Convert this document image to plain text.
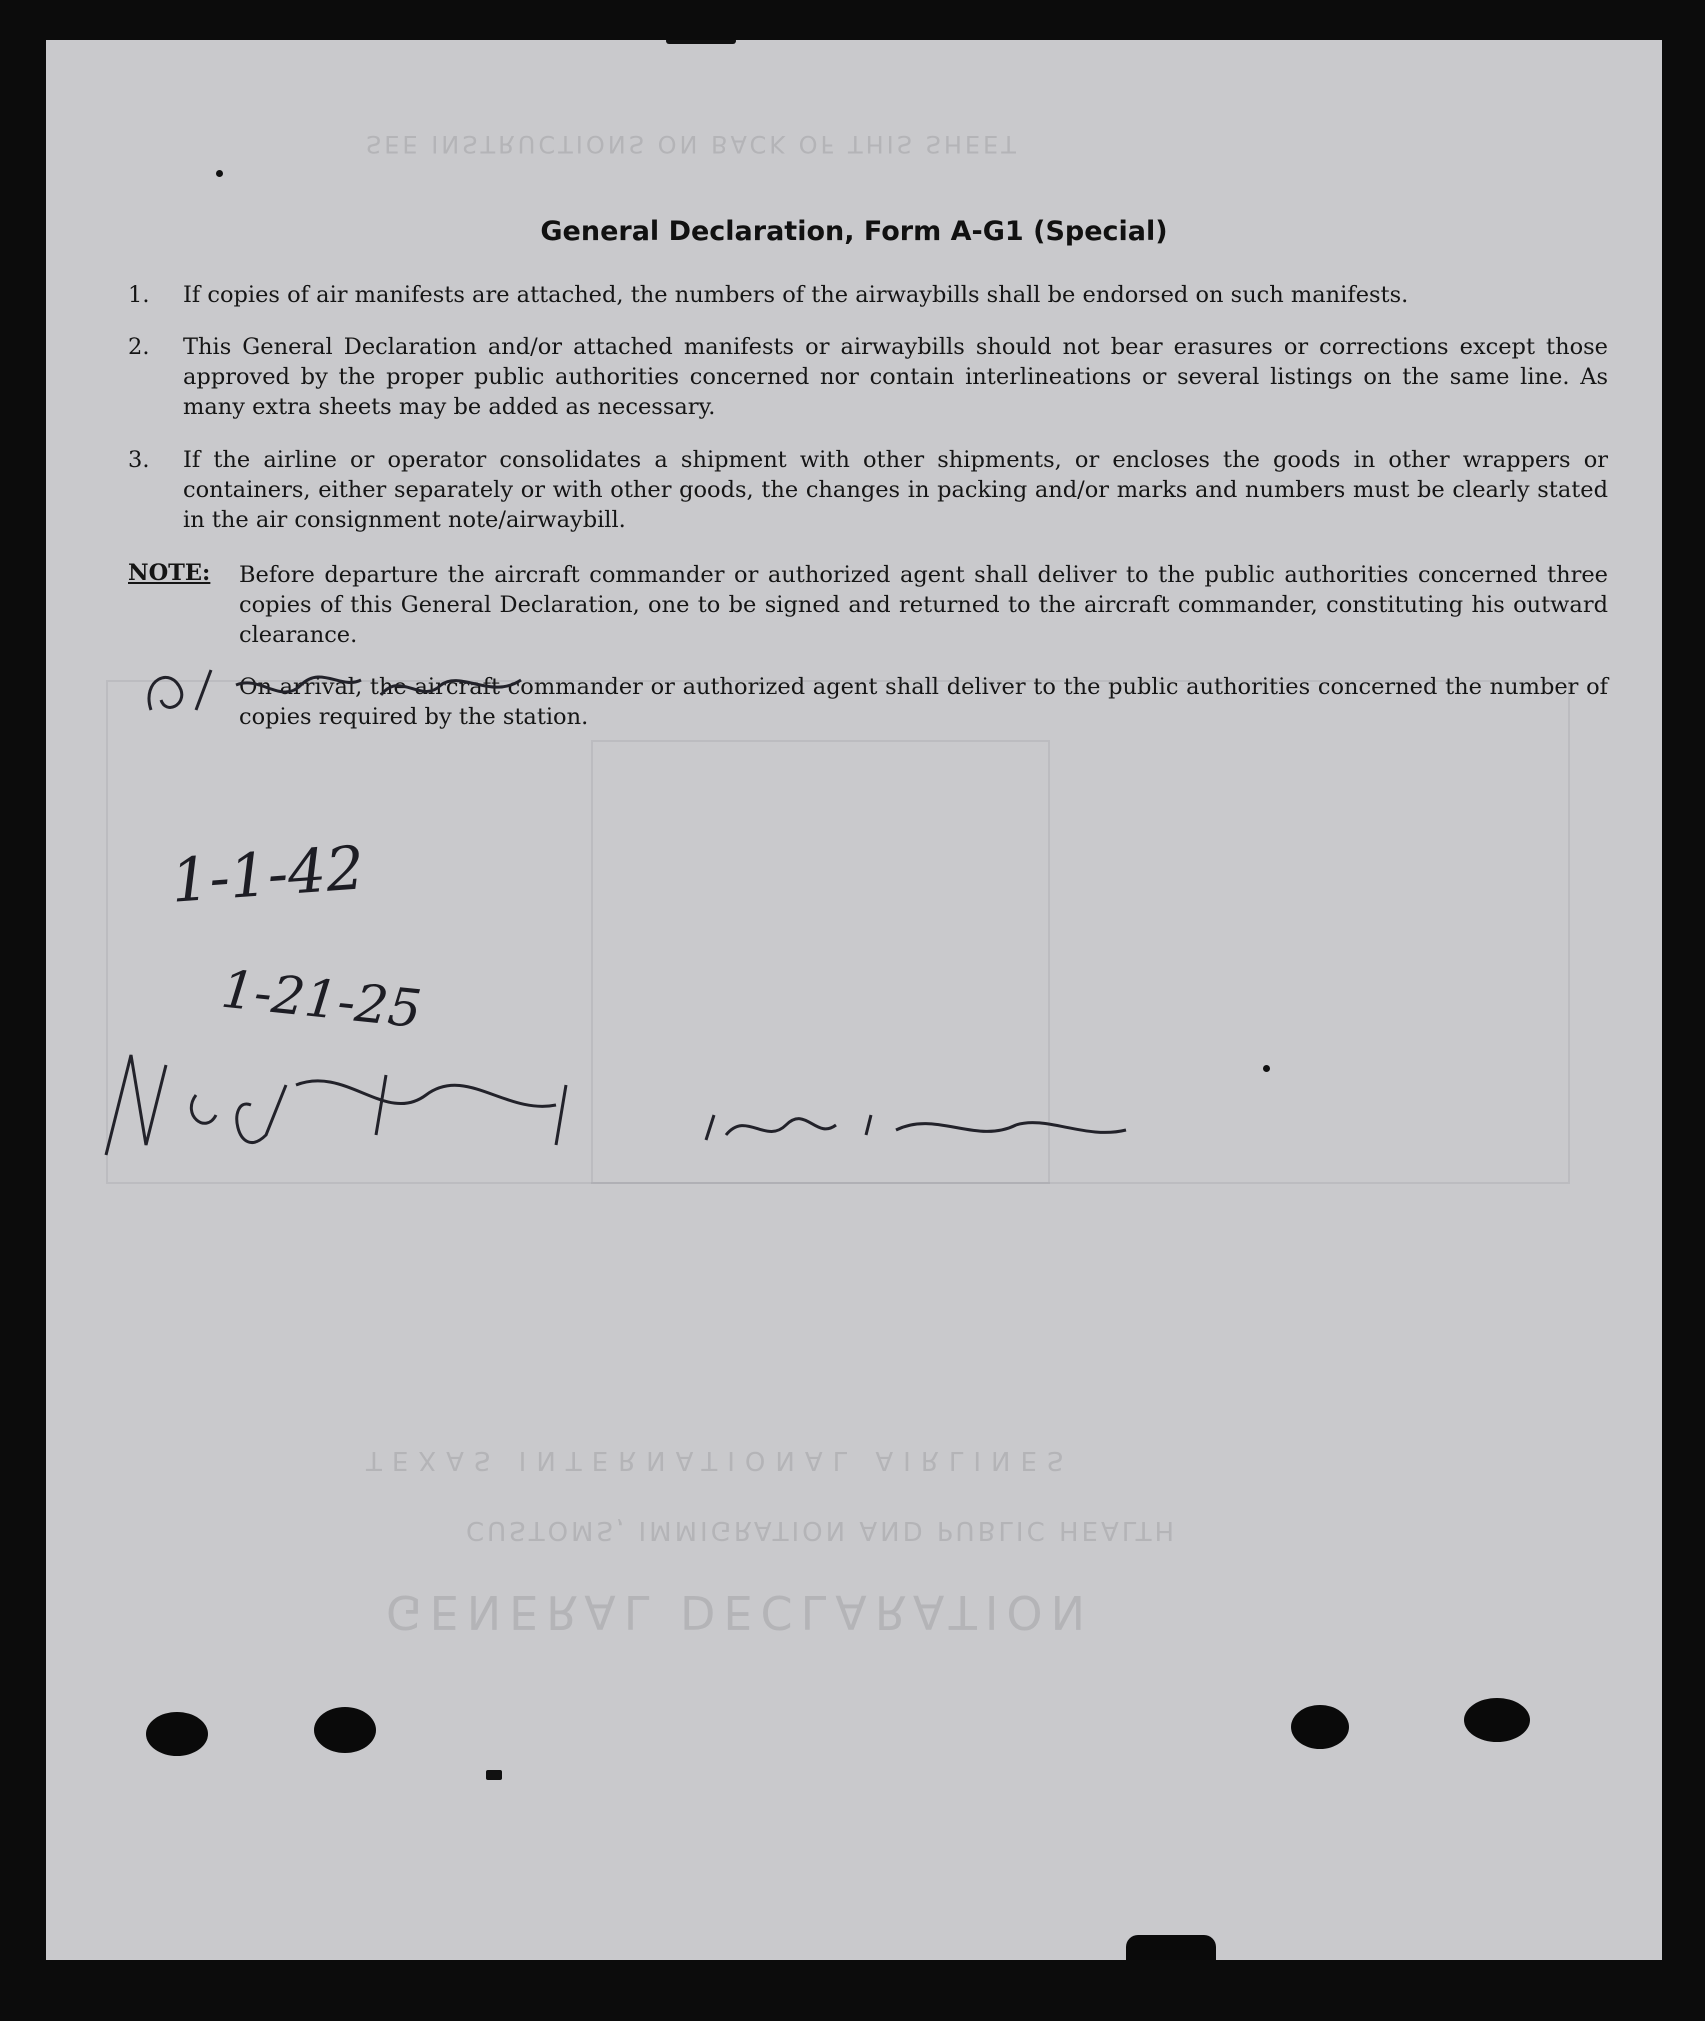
GENERAL DECLARATION
CUSTOMS, IMMIGRATION AND PUBLIC HEALTH
SEE INSTRUCTIONS ON BACK OF THIS SHEET
TEXAS INTERNATIONAL AIRLINES
General Declaration, Form A-G1 (Special)
1. If copies of air manifests are attached, the numbers of the airwaybills shall be endorsed on such manifests.
2. This General Declaration and/or attached manifests or airwaybills should not bear erasures or corrections except those approved by the proper public authorities concerned nor contain interlineations or several listings on the same line. As many extra sheets may be added as necessary.
3. If the airline or operator consolidates a shipment with other shipments, or encloses the goods in other wrappers or containers, either separately or with other goods, the changes in packing and/or marks and numbers must be clearly stated in the air consignment note/airwaybill.
NOTE: Before departure the aircraft commander or authorized agent shall deliver to the public authorities concerned three copies of this General Declaration, one to be signed and returned to the aircraft commander, constituting his outward clearance.
On arrival, the aircraft commander or authorized agent shall deliver to the public authorities concerned the number of copies required by the station.
1-1-42
1-21-25
